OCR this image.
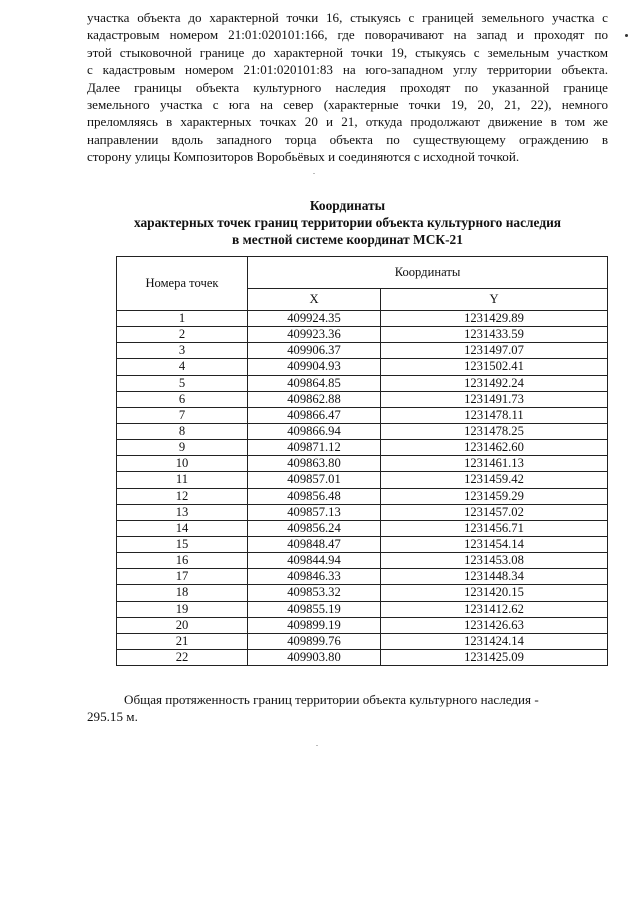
участка объекта до характерной точки 16, стыкуясь с границей земельного участка с
кадастровым номером 21:01:020101:166, где поворачивают на запад и проходят по
этой стыковочной границе до характерной точки 19, стыкуясь с земельным участком
с кадастровым номером 21:01:020101:83 на юго-западном углу территории объекта.
Далее границы объекта культурного наследия проходят по указанной границе
земельного участка с юга на север (характерные точки 19, 20, 21, 22), немного
преломляясь в характерных точках 20 и 21, откуда продолжают движение в том же
направлении вдоль западного торца объекта по существующему ограждению в
сторону улицы Композиторов Воробьёвых и соединяются с исходной точкой.
Координаты
характерных точек границ территории объекта культурного наследия
в местной системе координат МСК-21
Номера точек	Координаты	
	X	Y
1	409924.35	1231429.89
2	409923.36	1231433.59
3	409906.37	1231497.07
4	409904.93	1231502.41
5	409864.85	1231492.24
6	409862.88	1231491.73
7	409866.47	1231478.11
8	409866.94	1231478.25
9	409871.12	1231462.60
10	409863.80	1231461.13
11	409857.01	1231459.42
12	409856.48	1231459.29
13	409857.13	1231457.02
14	409856.24	1231456.71
15	409848.47	1231454.14
16	409844.94	1231453.08
17	409846.33	1231448.34
18	409853.32	1231420.15
19	409855.19	1231412.62
20	409899.19	1231426.63
21	409899.76	1231424.14
22	409903.80	1231425.09
Общая протяженность границ территории объекта культурного наследия -
295.15 м.
